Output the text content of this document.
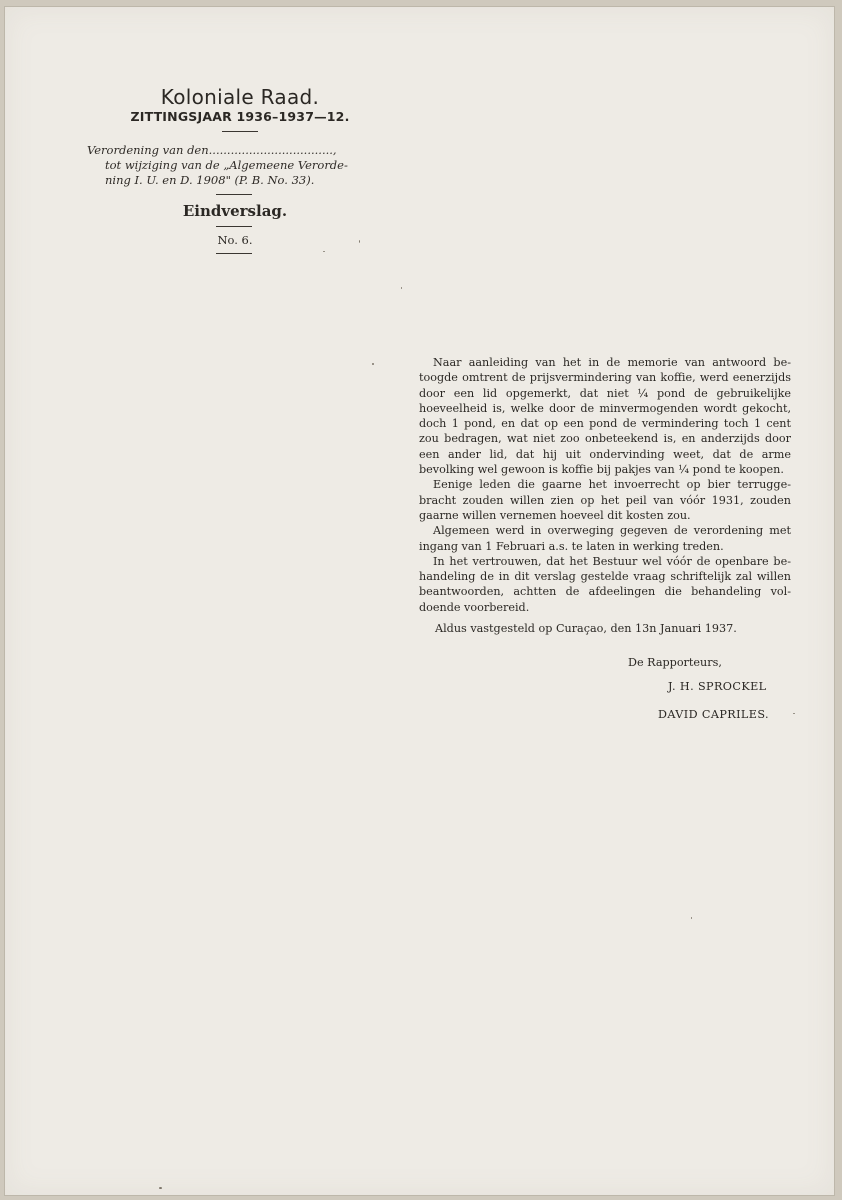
Koloniale Raad.
ZITTINGSJAAR 1936–1937—12.
Verordening van den..................................,
tot wijziging van de „Algemeene Verorde-
ning I. U. en D. 1908" (P. B. No. 33).
Eindverslag.
No. 6.

Naar aanleiding van het in de memorie van antwoord betoogde omtrent de prijsvermindering van koffie, werd eenerzijds door een lid opgemerkt, dat niet ¼ pond de gebruikelijke hoeveelheid is, welke door de minvermogenden wordt gekocht, doch 1 pond, en dat op een pond de vermindering toch 1 cent zou bedragen, wat niet zoo onbeteekend is, en anderzijds door een ander lid, dat hij uit ondervinding weet, dat de arme bevolking wel gewoon is koffie bij pakjes van ¼ pond te koopen.

Eenige leden die gaarne het invoerrecht op bier terruggebracht zouden willen zien op het peil van vóór 1931, zouden gaarne willen vernemen hoeveel dit kosten zou.

Algemeen werd in overweging gegeven de verordening met ingang van 1 Februari a.s. te laten in werking treden.

In het vertrouwen, dat het Bestuur wel vóór de openbare behandeling de in dit verslag gestelde vraag schriftelijk zal willen beantwoorden, achtten de afdeelingen die behandeling voldoende voorbereid.

Aldus vastgesteld op Curaçao, den 13n Januari 1937.
De Rapporteurs,
J. H. SPROCKEL
DAVID CAPRILES.
